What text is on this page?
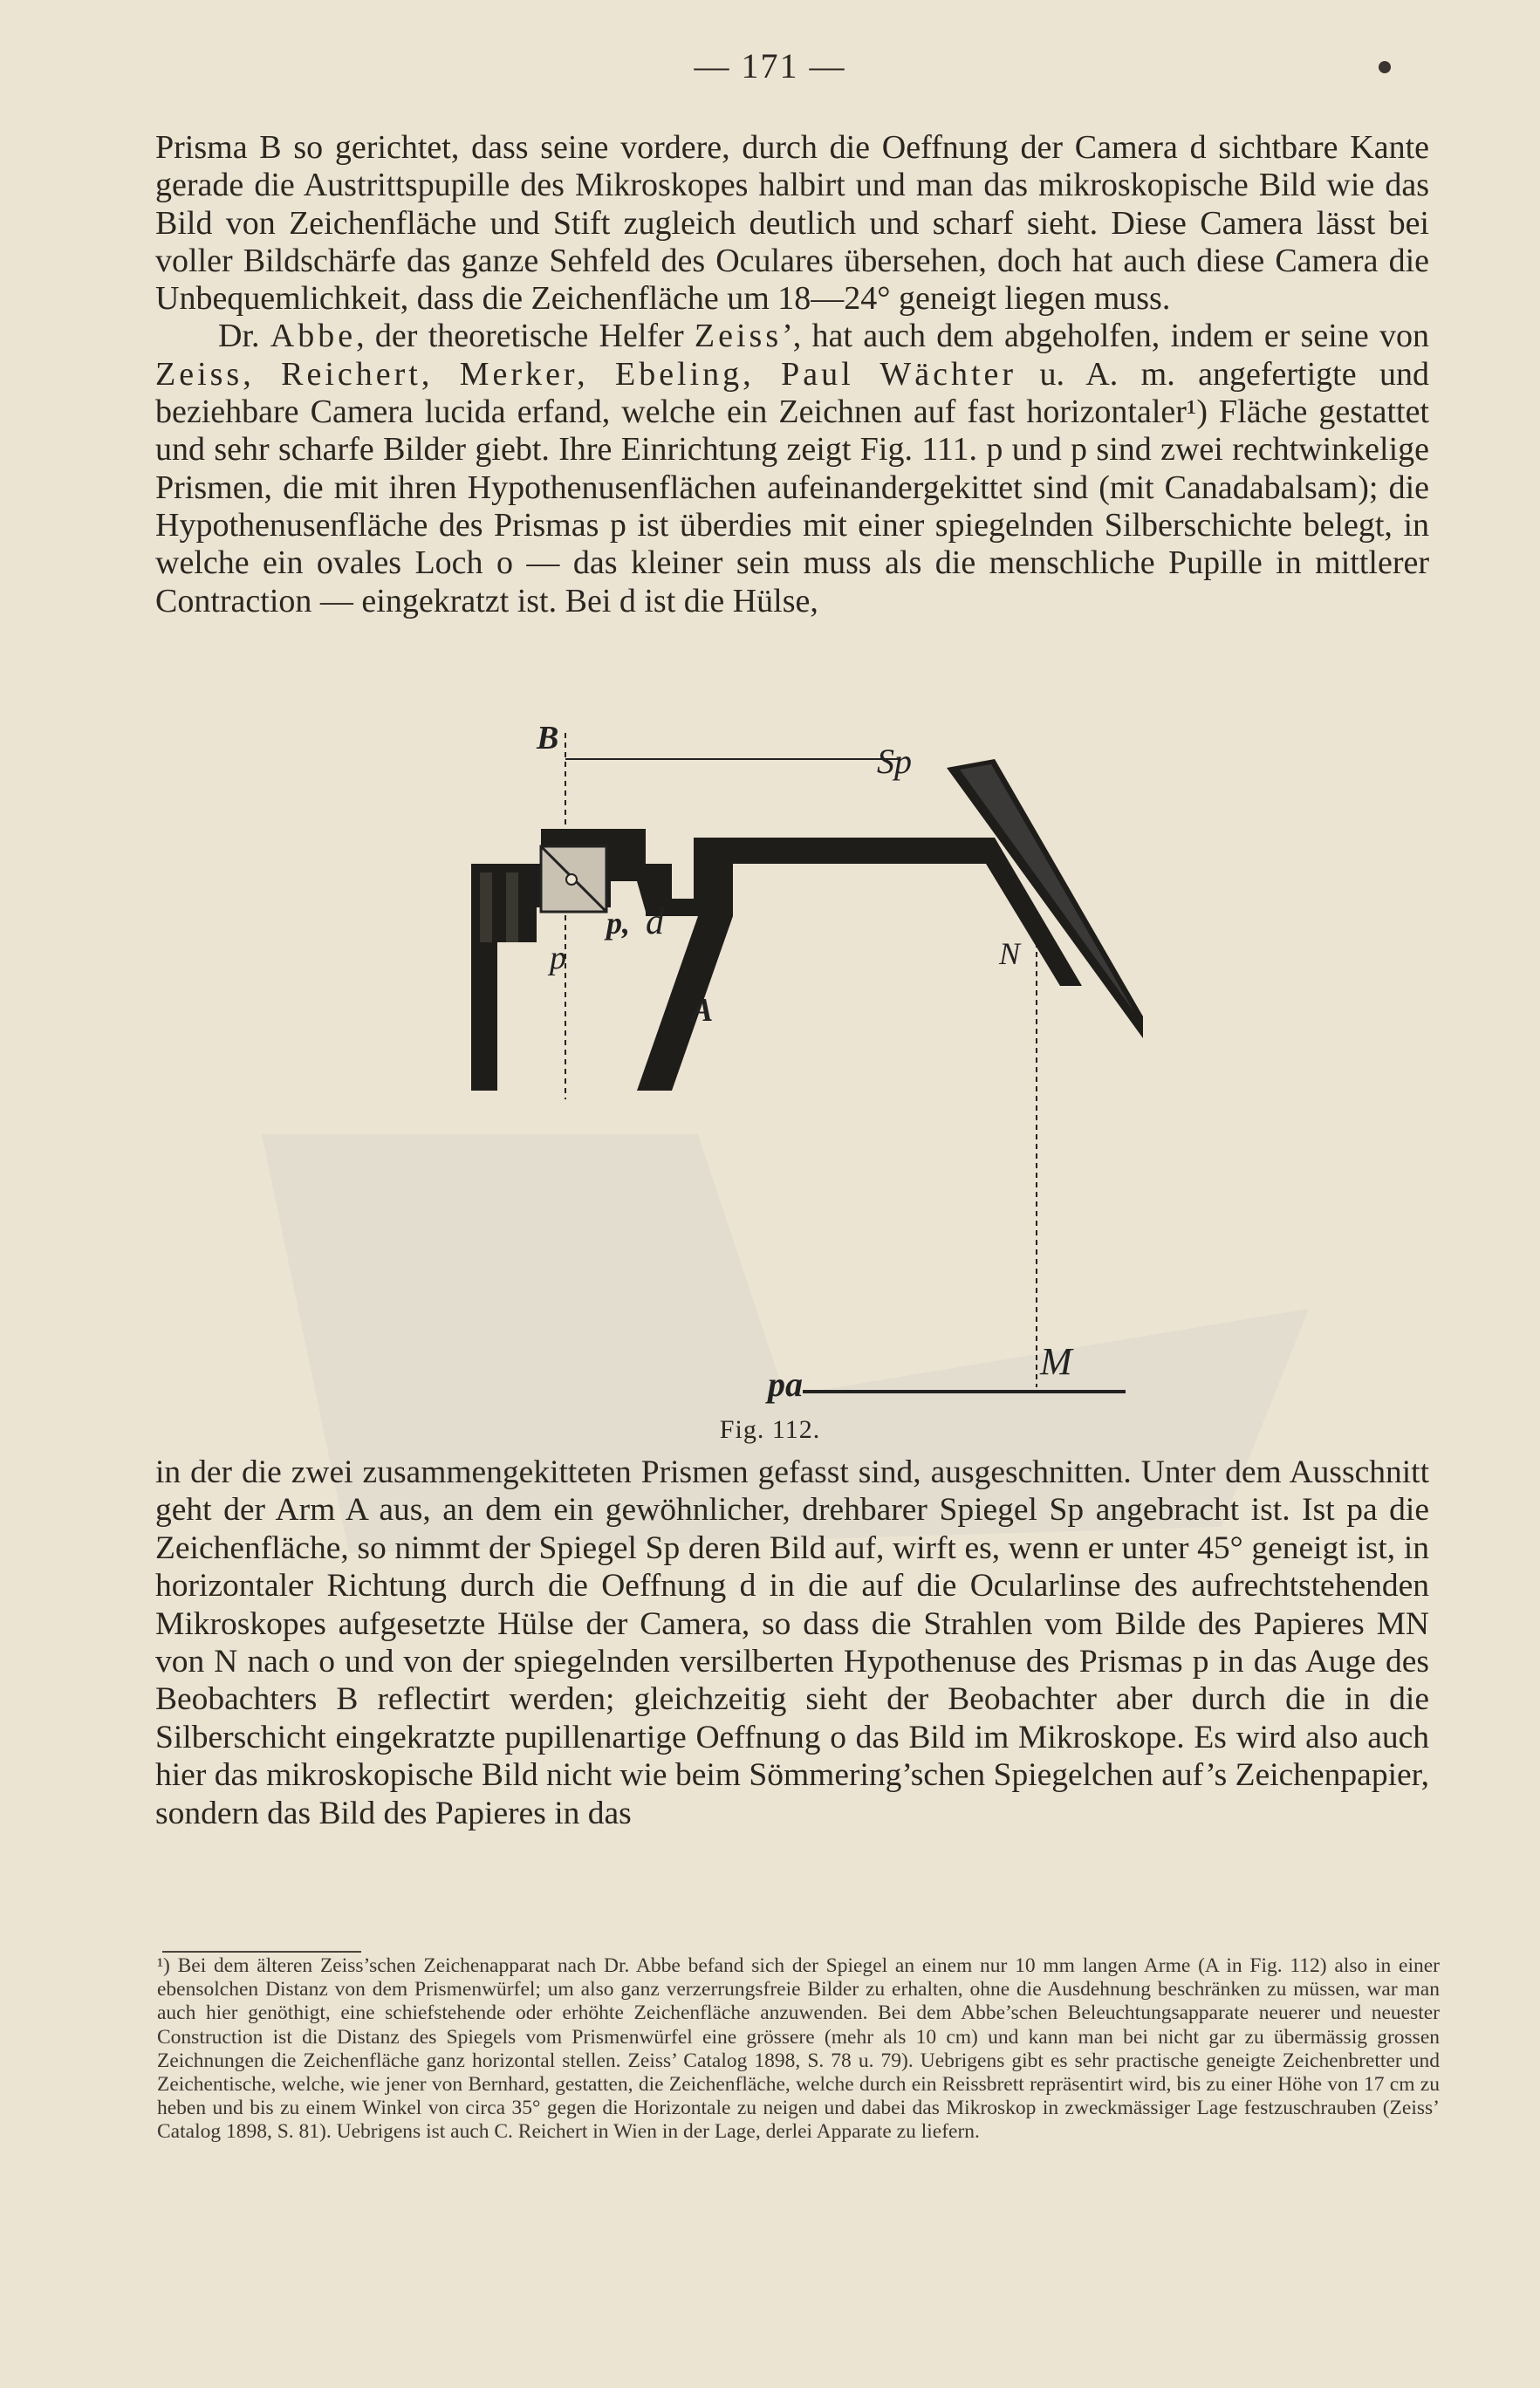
— 171 —

Prisma B so gerichtet, dass seine vordere, durch die Oeffnung der Camera d sichtbare Kante gerade die Austrittspupille des Mikroskopes halbirt und man das mikroskopische Bild wie das Bild von Zeichenfläche und Stift zugleich deutlich und scharf sieht. Diese Camera lässt bei voller Bildschärfe das ganze Sehfeld des Oculares übersehen, doch hat auch diese Camera die Unbequemlichkeit, dass die Zeichenfläche um 18—24° geneigt liegen muss.

Dr. Abbe, der theoretische Helfer Zeiss’, hat auch dem abgeholfen, indem er seine von Zeiss, Reichert, Merker, Ebeling, Paul Wächter u. A. m. angefertigte und beziehbare Camera lucida erfand, welche ein Zeichnen auf fast horizontaler¹) Fläche gestattet und sehr scharfe Bilder giebt. Ihre Einrichtung zeigt Fig. 111. p und p sind zwei rechtwinkelige Prismen, die mit ihren Hypothenusenflächen aufeinandergekittet sind (mit Canadabalsam); die Hypothenusenfläche des Prismas p ist überdies mit einer spiegelnden Silberschichte belegt, in welche ein ovales Loch o — das kleiner sein muss als die menschliche Pupille in mittlerer Contraction — eingekratzt ist. Bei d ist die Hülse,

B
Sp
p, d
p
A
N
M
pa
Fig. 112.

in der die zwei zusammengekitteten Prismen gefasst sind, ausgeschnitten. Unter dem Ausschnitt geht der Arm A aus, an dem ein gewöhnlicher, drehbarer Spiegel Sp angebracht ist. Ist pa die Zeichenfläche, so nimmt der Spiegel Sp deren Bild auf, wirft es, wenn er unter 45° geneigt ist, in horizontaler Richtung durch die Oeffnung d in die auf die Ocularlinse des aufrechtstehenden Mikroskopes aufgesetzte Hülse der Camera, so dass die Strahlen vom Bilde des Papieres MN von N nach o und von der spiegelnden versilberten Hypothenuse des Prismas p in das Auge des Beobachters B reflectirt werden; gleichzeitig sieht der Beobachter aber durch die in die Silberschicht eingekratzte pupillenartige Oeffnung o das Bild im Mikroskope. Es wird also auch hier das mikroskopische Bild nicht wie beim Sömmering’schen Spiegelchen auf’s Zeichenpapier, sondern das Bild des Papieres in das

¹) Bei dem älteren Zeiss’schen Zeichenapparat nach Dr. Abbe befand sich der Spiegel an einem nur 10 mm langen Arme (A in Fig. 112) also in einer ebensolchen Distanz von dem Prismenwürfel; um also ganz verzerrungsfreie Bilder zu erhalten, ohne die Ausdehnung beschränken zu müssen, war man auch hier genöthigt, eine schiefstehende oder erhöhte Zeichenfläche anzuwenden. Bei dem Abbe’schen Beleuchtungsapparate neuerer und neuester Construction ist die Distanz des Spiegels vom Prismenwürfel eine grössere (mehr als 10 cm) und kann man bei nicht gar zu übermässig grossen Zeichnungen die Zeichenfläche ganz horizontal stellen. Zeiss’ Catalog 1898, S. 78 u. 79). Uebrigens gibt es sehr practische geneigte Zeichenbretter und Zeichentische, welche, wie jener von Bernhard, gestatten, die Zeichenfläche, welche durch ein Reissbrett repräsentirt wird, bis zu einer Höhe von 17 cm zu heben und bis zu einem Winkel von circa 35° gegen die Horizontale zu neigen und dabei das Mikroskop in zweckmässiger Lage festzuschrauben (Zeiss’ Catalog 1898, S. 81). Uebrigens ist auch C. Reichert in Wien in der Lage, derlei Apparate zu liefern.
